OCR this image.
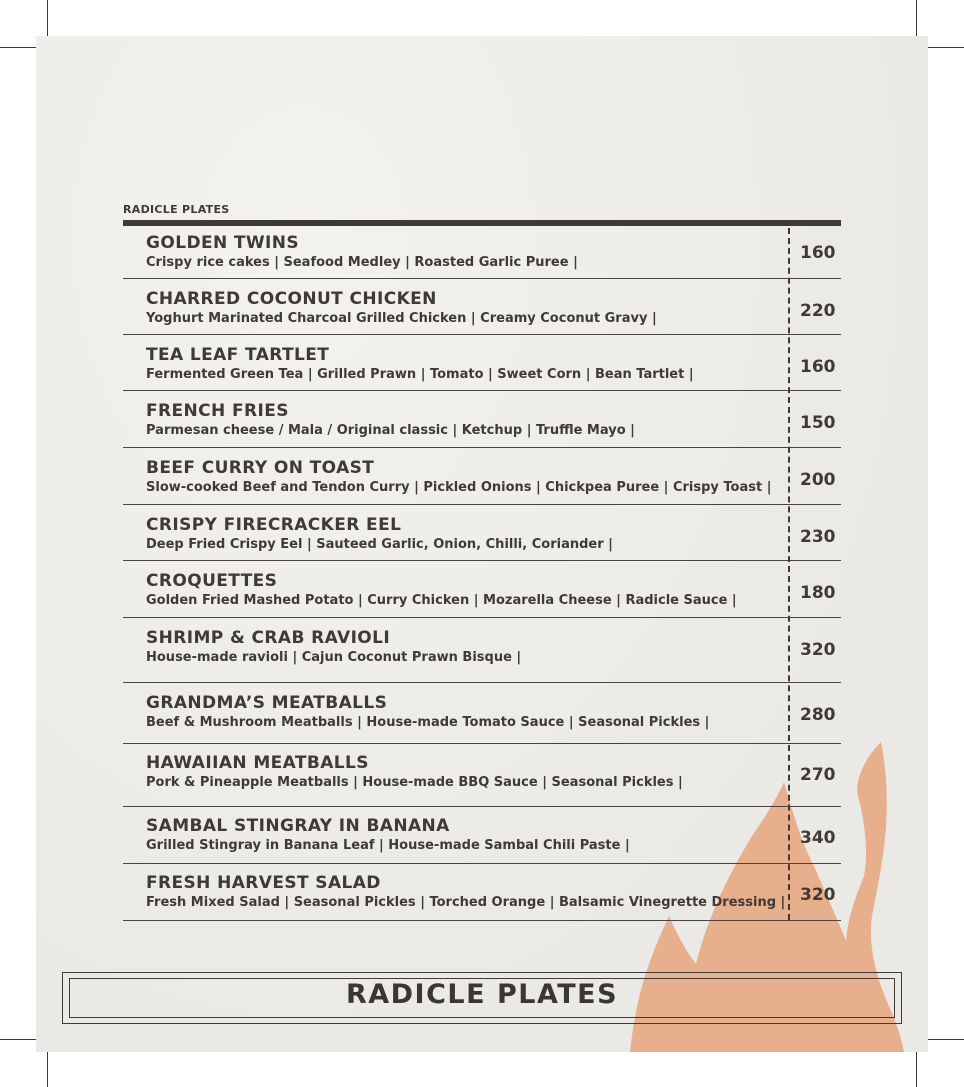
RADICLE PLATES
GOLDEN TWINS
Crispy rice cakes | Seafood Medley | Roasted Garlic Puree |	160
CHARRED COCONUT CHICKEN
Yoghurt Marinated Charcoal Grilled Chicken | Creamy Coconut Gravy |	220
TEA LEAF TARTLET
Fermented Green Tea | Grilled Prawn | Tomato | Sweet Corn | Bean Tartlet |	160
FRENCH FRIES
Parmesan cheese / Mala / Original classic | Ketchup | Truffle Mayo |	150
BEEF CURRY ON TOAST
Slow-cooked Beef and Tendon Curry | Pickled Onions | Chickpea Puree | Crispy Toast | 200
CRISPY FIRECRACKER EEL
Deep Fried Crispy Eel | Sauteed Garlic, Onion, Chilli, Coriander |	230
CROQUETTES
Golden Fried Mashed Potato | Curry Chicken | Mozarella Cheese | Radicle Sauce |	180
SHRIMP & CRAB RAVIOLI
House-made ravioli | Cajun Coconut Prawn Bisque |	320
GRANDMA’S MEATBALLS
Beef & Mushroom Meatballs | House-made Tomato Sauce | Seasonal Pickles |	280
HAWAIIAN MEATBALLS
Pork & Pineapple Meatballs | House-made BBQ Sauce | Seasonal Pickles |	270
SAMBAL STINGRAY IN BANANA
Grilled Stingray in Banana Leaf | House-made Sambal Chili Paste |	340
FRESH HARVEST SALAD
Fresh Mixed Salad | Seasonal Pickles | Torched Orange | Balsamic Vinegrette Dressing | 320
RADICLE PLATES
